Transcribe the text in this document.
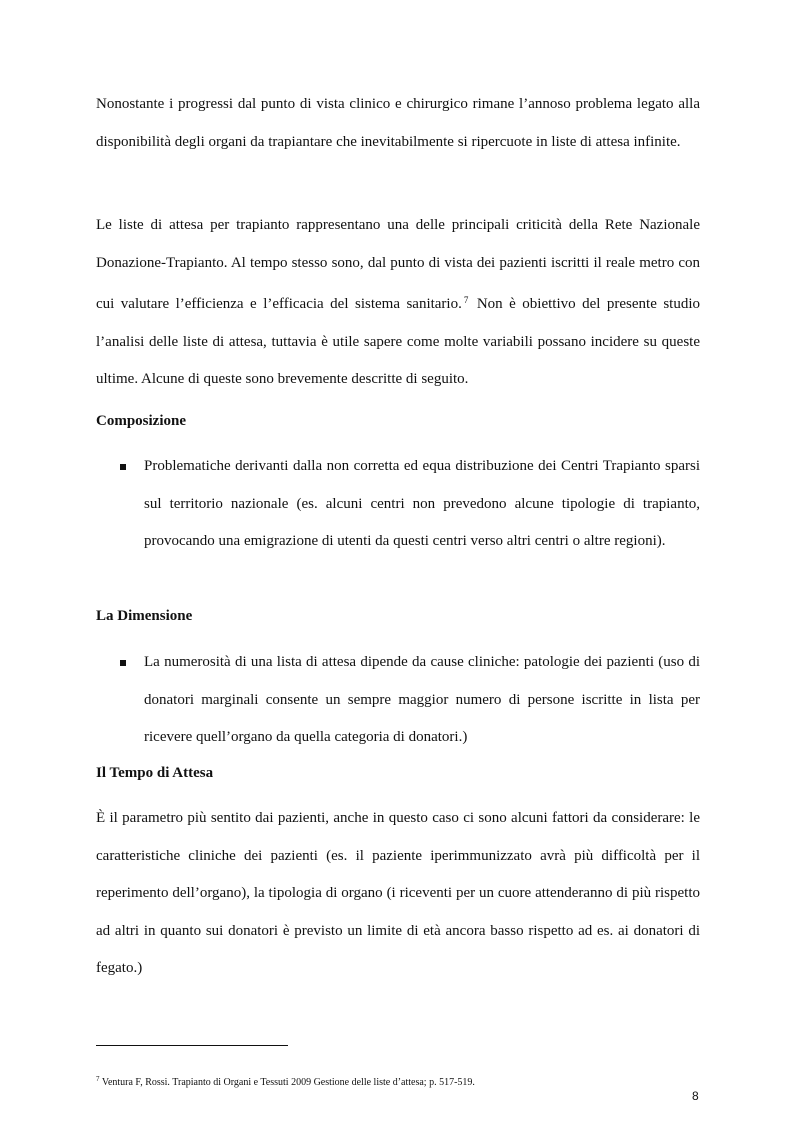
Nonostante i progressi dal punto di vista clinico e chirurgico rimane l’annoso problema legato alla disponibilità degli organi da trapiantare che inevitabilmente si ripercuote in liste di attesa infinite.

Le liste di attesa per trapianto rappresentano una delle principali criticità della Rete Nazionale Donazione-Trapianto. Al tempo stesso sono, dal punto di vista dei pazienti iscritti il reale metro con cui valutare l’efficienza e l’efficacia del sistema sanitario. $^7$ Non è obiettivo del presente studio l’analisi delle liste di attesa, tuttavia è utile sapere come molte variabili possano incidere su queste ultime. Alcune di queste sono brevemente descritte di seguito.

Composizione
Problematiche derivanti dalla non corretta ed equa distribuzione dei Centri Trapianto sparsi sul territorio nazionale (es. alcuni centri non prevedono alcune tipologie di trapianto, provocando una emigrazione di utenti da questi centri verso altri centri o altre regioni).
La Dimensione
La numerosità di una lista di attesa dipende da cause cliniche: patologie dei pazienti (uso di donatori marginali consente un sempre maggior numero di persone iscritte in lista per ricevere quell’organo da quella categoria di donatori.)
Il Tempo di Attesa

È il parametro più sentito dai pazienti, anche in questo caso ci sono alcuni fattori da considerare: le caratteristiche cliniche dei pazienti (es. il paziente iperimmunizzato avrà più difficoltà per il reperimento dell’organo), la tipologia di organo (i riceventi per un cuore attenderanno di più rispetto ad altri in quanto sui donatori è previsto un limite di età ancora basso rispetto ad es. ai donatori di fegato.)

$^7$ Ventura F, Rossi. Trapianto di Organi e Tessuti 2009 Gestione delle liste d’attesa; p. 517-519.
8
